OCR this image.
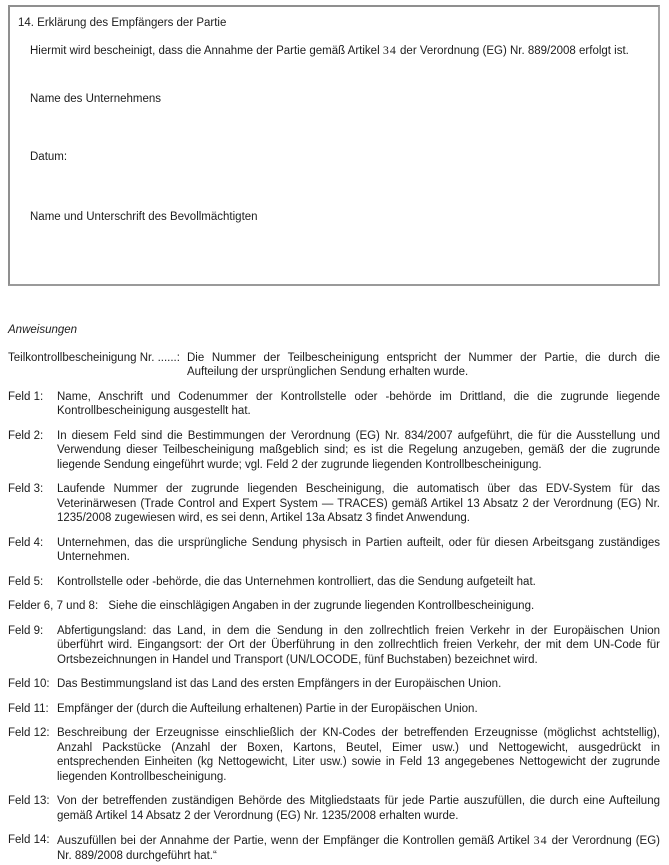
14. Erklärung des Empfängers der Partie
Hiermit wird bescheinigt, dass die Annahme der Partie gemäß Artikel 34 der Verordnung (EG) Nr. 889/2008 erfolgt ist.
Name des Unternehmens
Datum:
Name und Unterschrift des Bevollmächtigten
Anweisungen
Teilkontrollbescheinigung Nr. ......: Die Nummer der Teilbescheinigung entspricht der Nummer der Partie, die durch die Aufteilung der ursprünglichen Sendung erhalten wurde.
Feld 1:	Name, Anschrift und Codenummer der Kontrollstelle oder -behörde im Drittland, die die zugrunde liegende Kontrollbescheinigung ausgestellt hat.
Feld 2:	In diesem Feld sind die Bestimmungen der Verordnung (EG) Nr. 834/2007 aufgeführt, die für die Ausstellung und Verwendung dieser Teilbescheinigung maßgeblich sind; es ist die Regelung anzugeben, gemäß der die zugrunde liegende Sendung eingeführt wurde; vgl. Feld 2 der zugrunde liegenden Kontrollbescheinigung.
Feld 3:	Laufende Nummer der zugrunde liegenden Bescheinigung, die automatisch über das EDV-System für das Veterinärwesen (Trade Control and Expert System — TRACES) gemäß Artikel 13 Absatz 2 der Verordnung (EG) Nr. 1235/2008 zugewiesen wird, es sei denn, Artikel 13a Absatz 3 findet Anwendung.
Feld 4:	Unternehmen, das die ursprüngliche Sendung physisch in Partien aufteilt, oder für diesen Arbeitsgang zuständiges Unternehmen.
Feld 5:	Kontrollstelle oder -behörde, die das Unternehmen kontrolliert, das die Sendung aufgeteilt hat.
Felder 6, 7 und 8: Siehe die einschlägigen Angaben in der zugrunde liegenden Kontrollbescheinigung.
Feld 9:	Abfertigungsland: das Land, in dem die Sendung in den zollrechtlich freien Verkehr in der Europäischen Union überführt wird. Eingangsort: der Ort der Überführung in den zollrechtlich freien Verkehr, der mit dem UN-Code für Ortsbezeichnungen in Handel und Transport (UN/LOCODE, fünf Buchstaben) bezeichnet wird.
Feld 10: Das Bestimmungsland ist das Land des ersten Empfängers in der Europäischen Union.
Feld 11: Empfänger der (durch die Aufteilung erhaltenen) Partie in der Europäischen Union.
Feld 12: Beschreibung der Erzeugnisse einschließlich der KN-Codes der betreffenden Erzeugnisse (möglichst achtstellig), Anzahl Packstücke (Anzahl der Boxen, Kartons, Beutel, Eimer usw.) und Nettogewicht, ausgedrückt in entsprechenden Einheiten (kg Nettogewicht, Liter usw.) sowie in Feld 13 angegebenes Nettogewicht der zugrunde liegenden Kontrollbescheinigung.
Feld 13: Von der betreffenden zuständigen Behörde des Mitgliedstaats für jede Partie auszufüllen, die durch eine Aufteilung gemäß Artikel 14 Absatz 2 der Verordnung (EG) Nr. 1235/2008 erhalten wurde.
Feld 14: Auszufüllen bei der Annahme der Partie, wenn der Empfänger die Kontrollen gemäß Artikel 34 der Verordnung (EG) Nr. 889/2008 durchgeführt hat.“
